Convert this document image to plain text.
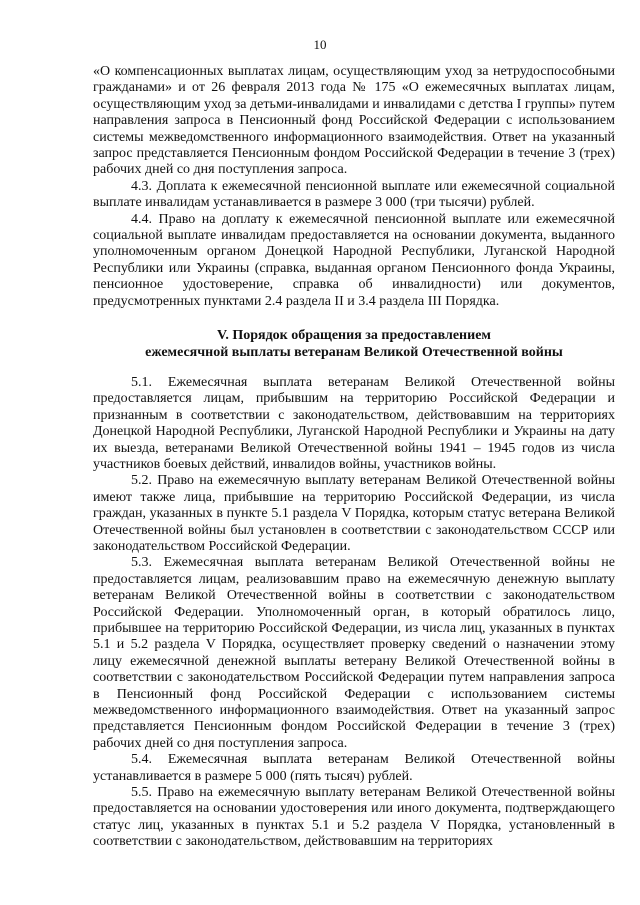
10

«О компенсационных выплатах лицам, осуществляющим уход за нетрудоспособными гражданами» и от 26 февраля 2013 года № 175 «О ежемесячных выплатах лицам, осуществляющим уход за детьми-инвалидами и инвалидами с детства I группы» путем направления запроса в Пенсионный фонд Российской Федерации с использованием системы межведомственного информационного взаимодействия. Ответ на указанный запрос представляется Пенсионным фондом Российской Федерации в течение 3 (трех) рабочих дней со дня поступления запроса.

4.3. Доплата к ежемесячной пенсионной выплате или ежемесячной социальной выплате инвалидам устанавливается в размере 3 000 (три тысячи) рублей.

4.4. Право на доплату к ежемесячной пенсионной выплате или ежемесячной социальной выплате инвалидам предоставляется на основании документа, выданного уполномоченным органом Донецкой Народной Республики, Луганской Народной Республики или Украины (справка, выданная органом Пенсионного фонда Украины, пенсионное удостоверение, справка об инвалидности) или документов, предусмотренных пунктами 2.4 раздела II и 3.4 раздела III Порядка.

V. Порядок обращения за предоставлением

ежемесячной выплаты ветеранам Великой Отечественной войны

5.1. Ежемесячная выплата ветеранам Великой Отечественной войны предоставляется лицам, прибывшим на территорию Российской Федерации и признанным в соответствии с законодательством, действовавшим на территориях Донецкой Народной Республики, Луганской Народной Республики и Украины на дату их выезда, ветеранами Великой Отечественной войны 1941 – 1945 годов из числа участников боевых действий, инвалидов войны, участников войны.

5.2. Право на ежемесячную выплату ветеранам Великой Отечественной войны имеют также лица, прибывшие на территорию Российской Федерации, из числа граждан, указанных в пункте 5.1 раздела V Порядка, которым статус ветерана Великой Отечественной войны был установлен в соответствии с законодательством СССР или законодательством Российской Федерации.

5.3. Ежемесячная выплата ветеранам Великой Отечественной войны не предоставляется лицам, реализовавшим право на ежемесячную денежную выплату ветеранам Великой Отечественной войны в соответствии с законодательством Российской Федерации. Уполномоченный орган, в который обратилось лицо, прибывшее на территорию Российской Федерации, из числа лиц, указанных в пунктах 5.1 и 5.2 раздела V Порядка, осуществляет проверку сведений о назначении этому лицу ежемесячной денежной выплаты ветерану Великой Отечественной войны в соответствии с законодательством Российской Федерации путем направления запроса в Пенсионный фонд Российской Федерации с использованием системы межведомственного информационного взаимодействия. Ответ на указанный запрос представляется Пенсионным фондом Российской Федерации в течение 3 (трех) рабочих дней со дня поступления запроса.

5.4. Ежемесячная выплата ветеранам Великой Отечественной войны устанавливается в размере 5 000 (пять тысяч) рублей.

5.5. Право на ежемесячную выплату ветеранам Великой Отечественной войны предоставляется на основании удостоверения или иного документа, подтверждающего статус лиц, указанных в пунктах 5.1 и 5.2 раздела V Порядка, установленный в соответствии с законодательством, действовавшим на территориях
